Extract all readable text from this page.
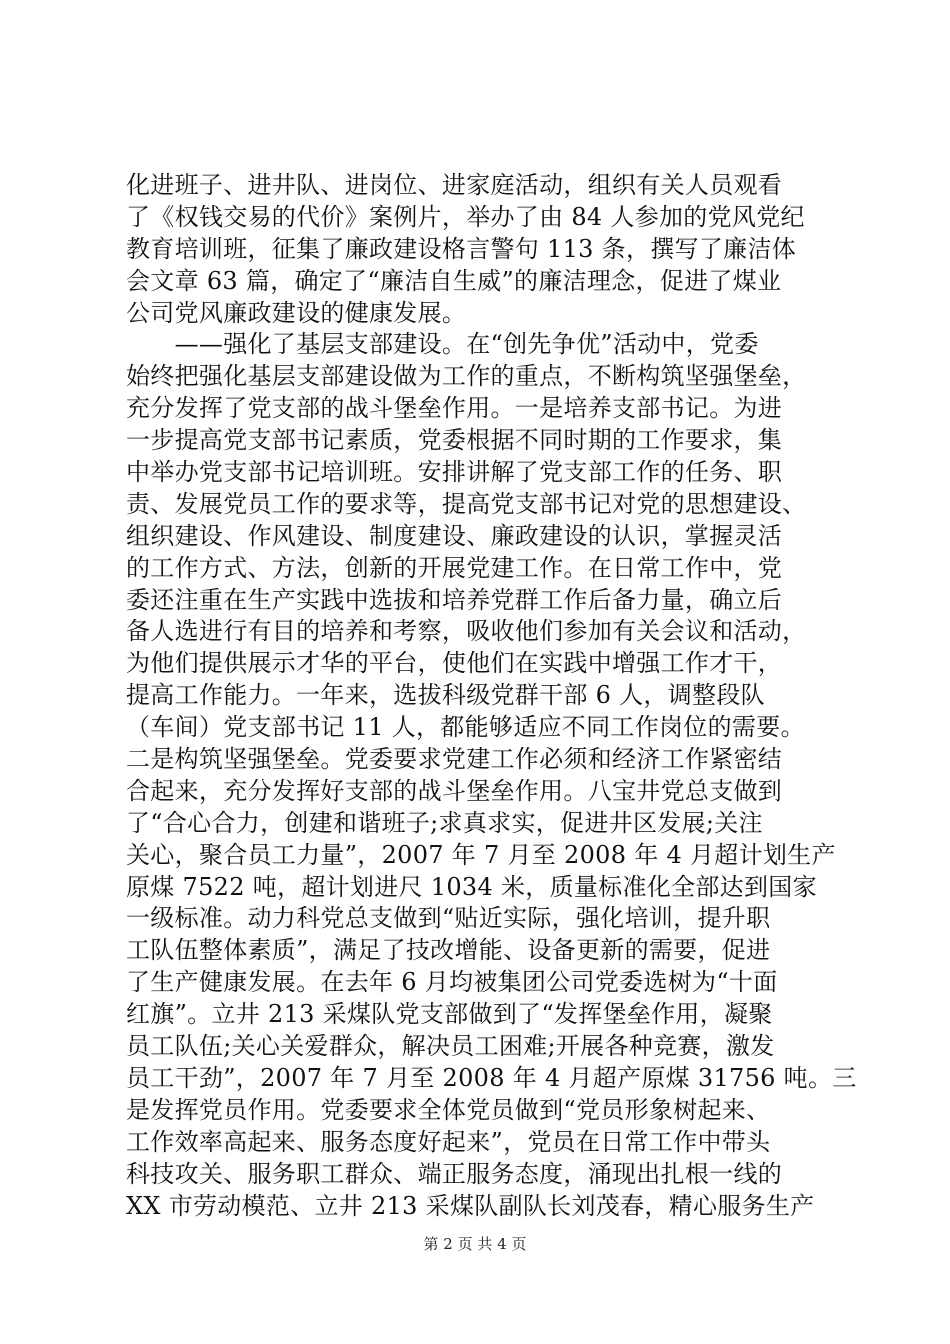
化进班子、进井队、进岗位、进家庭活动，组织有关人员观看
了《权钱交易的代价》案例片，举办了由 84 人参加的党风党纪
教育培训班，征集了廉政建设格言警句 113 条，撰写了廉洁体
会文章 63 篇，确定了“廉洁自生威”的廉洁理念，促进了煤业
公司党风廉政建设的健康发展。
　　——强化了基层支部建设。在“创先争优”活动中，党委
始终把强化基层支部建设做为工作的重点，不断构筑坚强堡垒，
充分发挥了党支部的战斗堡垒作用。一是培养支部书记。为进
一步提高党支部书记素质，党委根据不同时期的工作要求，集
中举办党支部书记培训班。安排讲解了党支部工作的任务、职
责、发展党员工作的要求等，提高党支部书记对党的思想建设、
组织建设、作风建设、制度建设、廉政建设的认识，掌握灵活
的工作方式、方法，创新的开展党建工作。在日常工作中，党
委还注重在生产实践中选拔和培养党群工作后备力量，确立后
备人选进行有目的培养和考察，吸收他们参加有关会议和活动，
为他们提供展示才华的平台，使他们在实践中增强工作才干，
提高工作能力。一年来，选拔科级党群干部 6 人，调整段队
（车间）党支部书记 11 人，都能够适应不同工作岗位的需要。
二是构筑坚强堡垒。党委要求党建工作必须和经济工作紧密结
合起来，充分发挥好支部的战斗堡垒作用。八宝井党总支做到
了“合心合力，创建和谐班子;求真求实，促进井区发展;关注
关心，聚合员工力量”，2007 年 7 月至 2008 年 4 月超计划生产
原煤 7522 吨，超计划进尺 1034 米，质量标准化全部达到国家
一级标准。动力科党总支做到“贴近实际，强化培训，提升职
工队伍整体素质”，满足了技改增能、设备更新的需要，促进
了生产健康发展。在去年 6 月均被集团公司党委选树为“十面
红旗”。立井 213 采煤队党支部做到了“发挥堡垒作用，凝聚
员工队伍;关心关爱群众，解决员工困难;开展各种竞赛，激发
员工干劲”，2007 年 7 月至 2008 年 4 月超产原煤 31756 吨。三
是发挥党员作用。党委要求全体党员做到“党员形象树起来、
工作效率高起来、服务态度好起来”，党员在日常工作中带头
科技攻关、服务职工群众、端正服务态度，涌现出扎根一线的
XX 市劳动模范、立井 213 采煤队副队长刘茂春，精心服务生产
第 2 页 共 4 页
